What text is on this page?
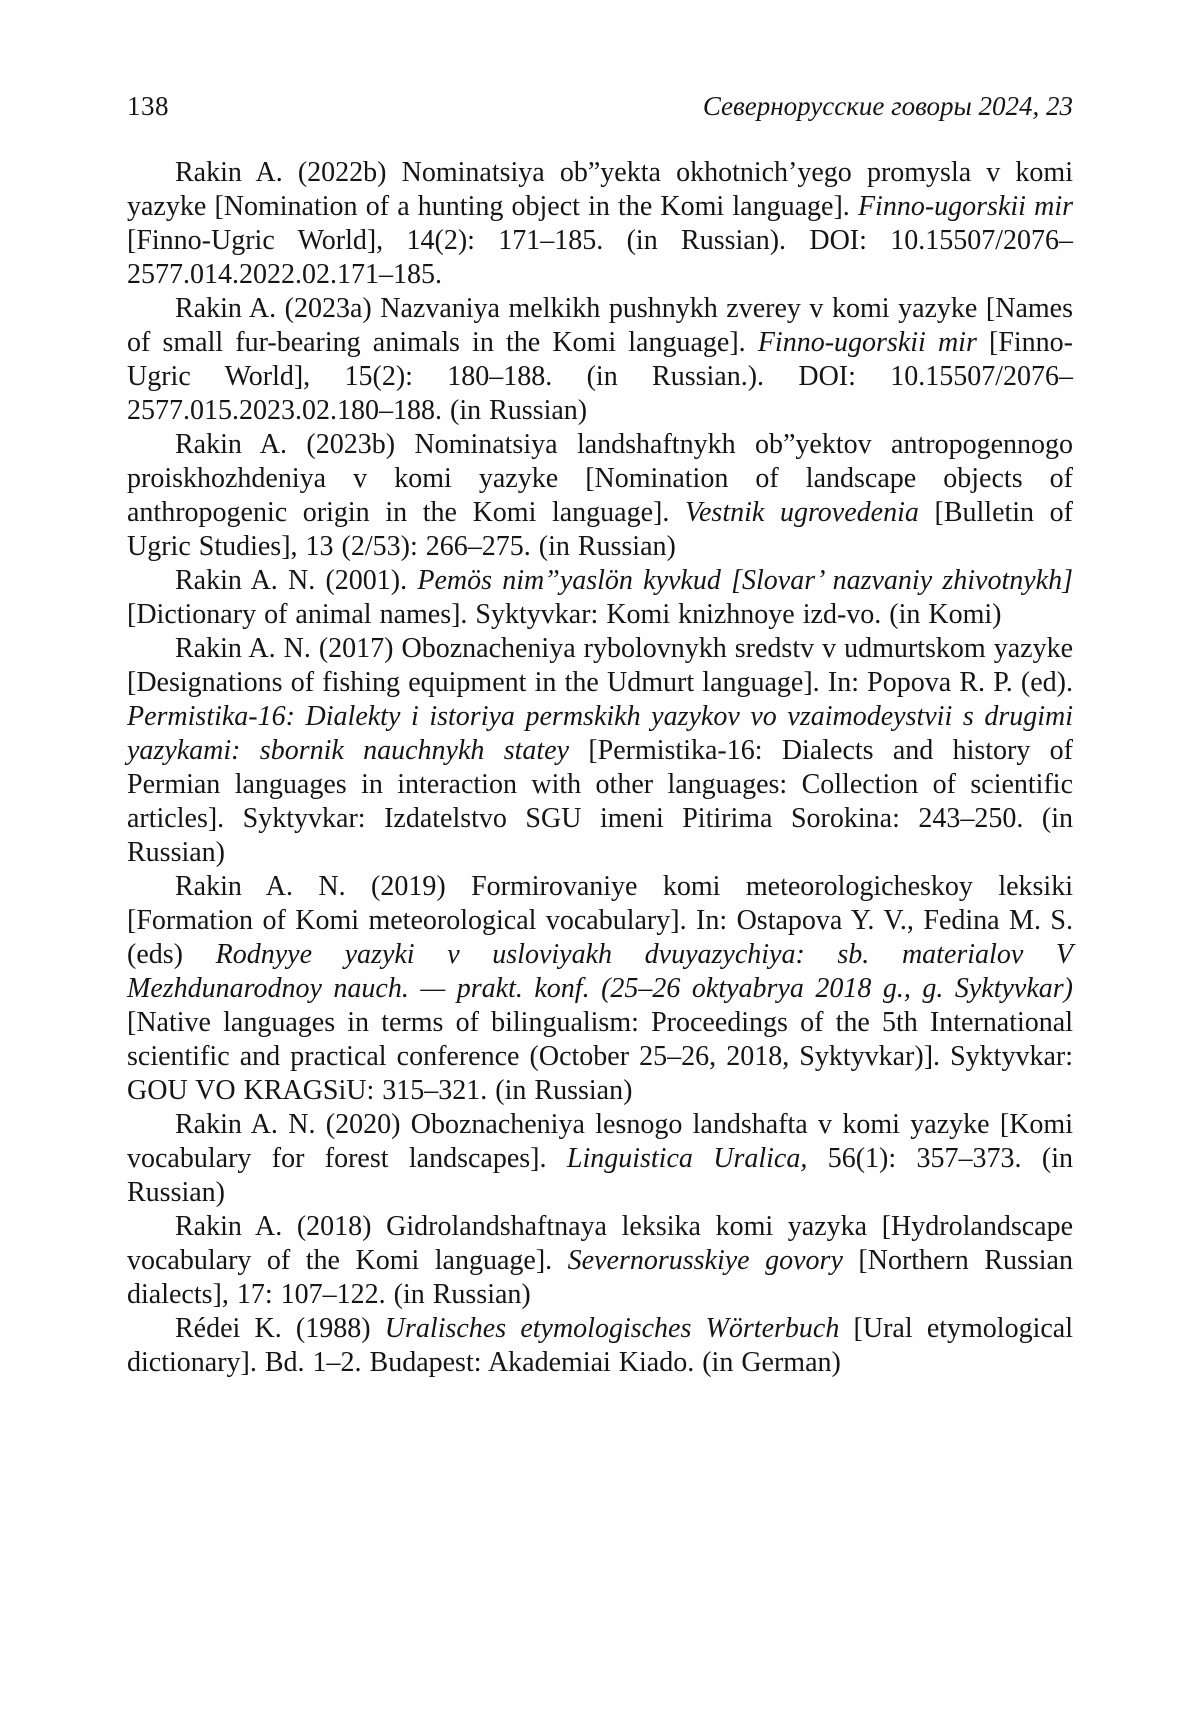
138	Севернорусские говоры 2024, 23

Rakin A. (2022b) Nominatsiya ob”yekta okhotnich’yego promysla v komi yazyke [Nomination of a hunting object in the Komi language]. Finno-ugorskii mir [Finno-Ugric World], 14(2): 171–185. (in Russian). DOI: 10.15507/2076–2577.014.2022.02.171–185.

Rakin A. (2023a) Nazvaniya melkikh pushnykh zverey v komi yazyke [Names of small fur-bearing animals in the Komi language]. Finno-ugorskii mir [Finno-Ugric World], 15(2): 180–188. (in Russian.). DOI: 10.15507/2076–2577.015.2023.02.180–188. (in Russian)

Rakin A. (2023b) Nominatsiya landshaftnykh ob”yektov antropogennogo proiskhozhdeniya v komi yazyke [Nomination of landscape objects of anthropogenic origin in the Komi language]. Vestnik ugrovedenia [Bulletin of Ugric Studies], 13 (2/53): 266–275. (in Russian)

Rakin A. N. (2001). Pemös nim”yaslön kyvkud [Slovar’ nazvaniy zhivotnykh] [Dictionary of animal names]. Syktyvkar: Komi knizhnoye izd-vo. (in Komi)

Rakin A. N. (2017) Oboznacheniya rybolovnykh sredstv v udmurtskom yazyke [Designations of fishing equipment in the Udmurt language]. In: Popova R. P. (ed). Permistika-16: Dialekty i istoriya permskikh yazykov vo vzaimodeystvii s drugimi yazykami: sbornik nauchnykh statey [Permistika-16: Dialects and history of Permian languages in interaction with other languages: Collection of scientific articles]. Syktyvkar: Izdatelstvo SGU imeni Pitirima Sorokina: 243–250. (in Russian)

Rakin A. N. (2019) Formirovaniye komi meteorologicheskoy leksiki [Formation of Komi meteorological vocabulary]. In: Ostapova Y. V., Fedina M. S. (eds) Rodnyye yazyki v usloviyakh dvuyazychiya: sb. materialov V Mezhdunarodnoy nauch. — prakt. konf. (25–26 oktyabrya 2018 g., g. Syktyvkar) [Native languages in terms of bilingualism: Proceedings of the 5th International scientific and practical conference (October 25–26, 2018, Syktyvkar)]. Syktyvkar: GOU VO KRAGSiU: 315–321. (in Russian)

Rakin A. N. (2020) Oboznacheniya lesnogo landshafta v komi yazyke [Komi vocabulary for forest landscapes]. Linguistica Uralica, 56(1): 357–373. (in Russian)

Rakin A. (2018) Gidrolandshaftnaya leksika komi yazyka [Hydrolandscape vocabulary of the Komi language]. Severnorusskiye govory [Northern Russian dialects], 17: 107–122. (in Russian)

Rédei K. (1988) Uralisches etymologisches Wörterbuch [Ural etymological dictionary]. Bd. 1–2. Budapest: Akademiai Kiado. (in German)
